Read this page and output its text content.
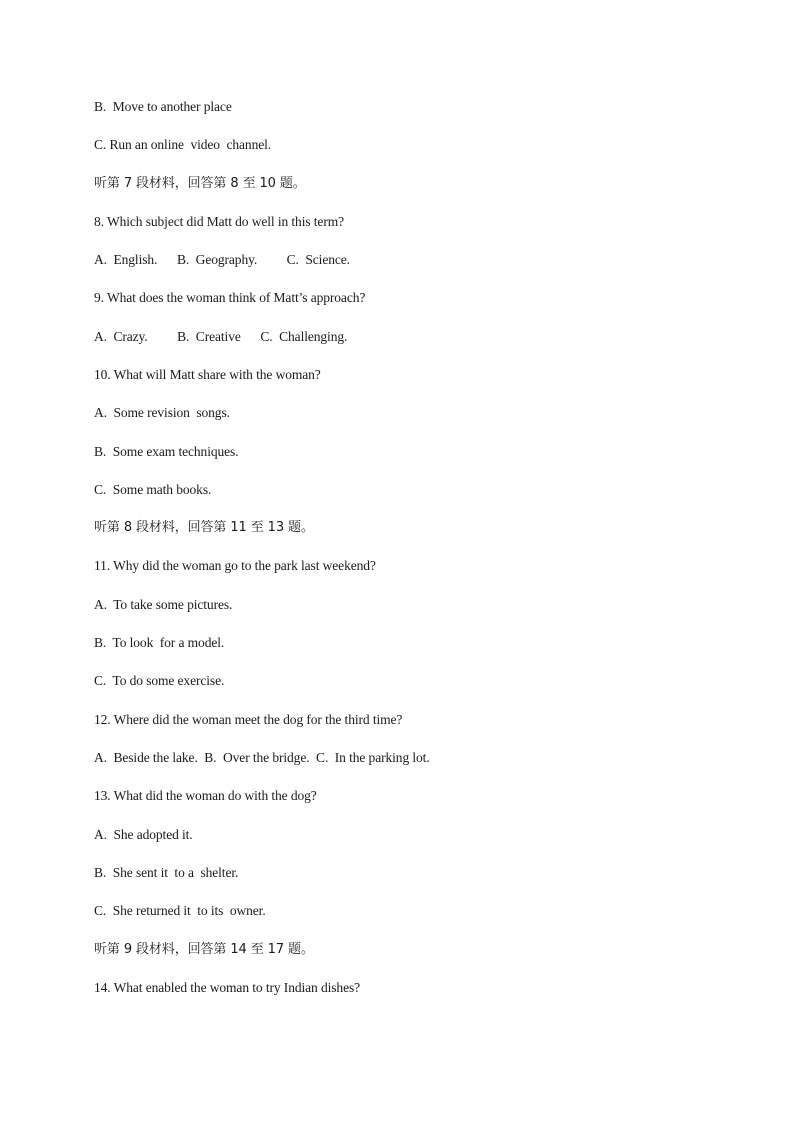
B.  Move to another place
C. Run an online  video  channel.
听第 7 段材料，回答第 8 至 10 题。
8. Which subject did Matt do well in this term?
A.  English.      B.  Geography.         C.  Science.
9. What does the woman think of Matt’s approach?
A.  Crazy.         B.  Creative      C.  Challenging.
10. What will Matt share with the woman?
A.  Some revision  songs.
B.  Some exam techniques.
C.  Some math books.
听第 8 段材料，回答第 11 至 13 题。
11. Why did the woman go to the park last weekend?
A.  To take some pictures.
B.  To look  for a model.
C.  To do some exercise.
12. Where did the woman meet the dog for the third time?
A.  Beside the lake.  B.  Over the bridge.  C.  In the parking lot.
13. What did the woman do with the dog?
A.  She adopted it.
B.  She sent it  to a  shelter.
C.  She returned it  to its  owner.
听第 9 段材料，回答第 14 至 17 题。
14. What enabled the woman to try Indian dishes?
